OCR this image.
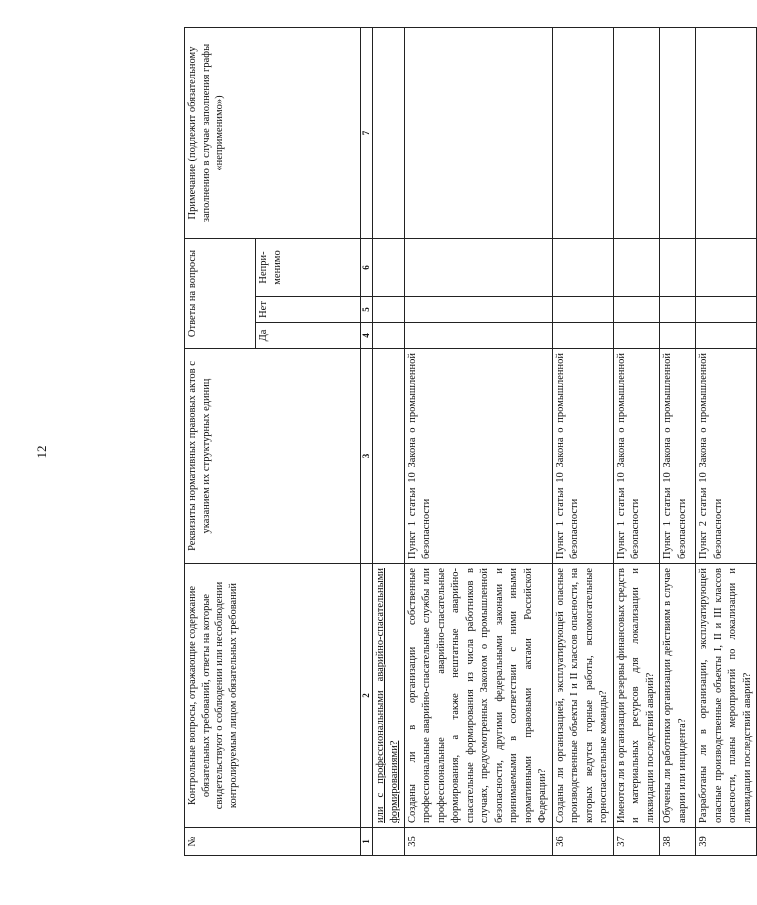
12
№	Контрольные вопросы, отражающие содержание обязательных требований, ответы на которые свидетельствуют о соблюдении или несоблюдении контролируемым лицом обязательных требований	Реквизиты нормативных правовых актов с указанием их структурных единиц	Ответы на вопросы			Примечание (подлежит обязательному заполнению в случае заполнения графы «неприменимо»)
			Да	Нет	Непри-менимо	
1	2	3	4	5	6	7
	или с профессиональными аварийно-спасательными формированиями?					
35	Созданы ли в организации собственные профессиональные аварийно-спасательные службы или профессиональные аварийно-спасательные формирования, а также нештатные аварийно-спасательные формирования из числа работников в случаях, предусмотренных Законом о промышленной безопасности, другими федеральными законами и принимаемыми в соответствии с ними иными нормативными правовыми актами Российской Федерации?	Пункт 1 статьи 10 Закона о промышленной безопасности				
36	Созданы ли организацией, эксплуатирующей опасные производственные объекты I и II классов опасности, на которых ведутся горные работы, вспомогательные горноспасательные команды?	Пункт 1 статьи 10 Закона о промышленной безопасности				
37	Имеются ли в организации резервы финансовых средств и материальных ресурсов для локализации и ликвидации последствий аварий?	Пункт 1 статьи 10 Закона о промышленной безопасности				
38	Обучены ли работники организации действиям в случае аварии или инцидента?	Пункт 1 статьи 10 Закона о промышленной безопасности				
39	Разработаны ли в организации, эксплуатирующей опасные производственные объекты I, II и III классов опасности, планы мероприятий по локализации и ликвидации последствий аварий?	Пункт 2 статьи 10 Закона о промышленной безопасности				
